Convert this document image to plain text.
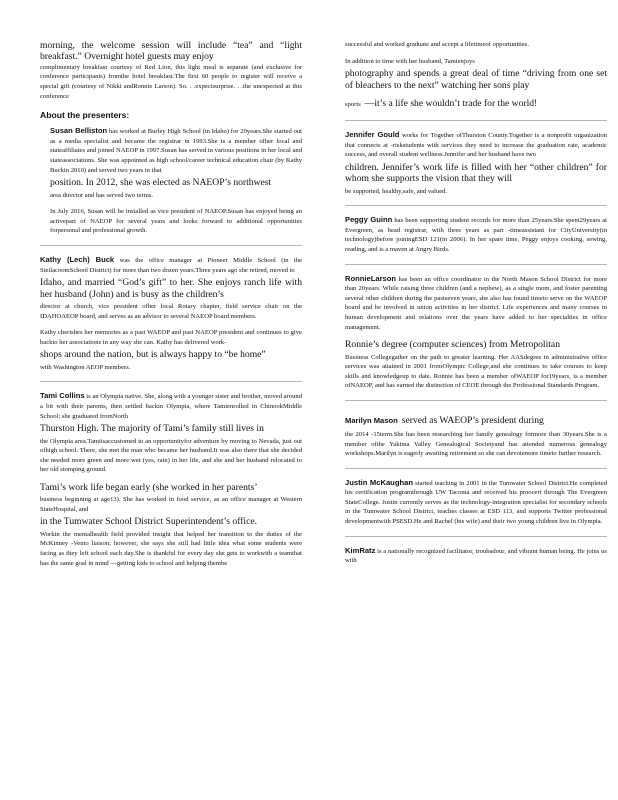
morning, the welcome session will include “tea” and “light breakfast.” Overnight hotel guests may enjoy

complimentary breakfast courtesy of Red Lion, this light meal is separate (and exclusive for conference participants) fromthe hotel breakfast.The first 60 people to register will receive a special gift (courtesy of Nikki andRonnie Larson). So. . .expectsurprise. . .the unexpected at this conference

About the presenters:

Susan Belliston has worked at Burley High School (in Idaho) for 20years.She started out as a media specialist and became the registrar in 1993.She is a member ofher local and stateaffiliates and joined NAEOP in 1997.Susan has served in various positions in her local and stateassociations. She was appointed as high school/career technical education chair (by Kathy Buckin 2010) and served two years in that

position. In 2012, she was elected as NAEOP’s northwest

area director and has served two terms.

In July 2016, Susan will be installed as vice president of NAEOP.Susan has enjoyed being an activepart of NAEOP for several years and looks forward to additional opportunities forpersonal and professional growth.

Kathy (Lech) Buck was the office manager at Pioneer Middle School (in the SteilacoomSchool District) for more than two dozen years.Three years ago she retired, moved to

Idaho, and married “God’s gift” to her. She enjoys ranch life with her husband (John) and is busy as the children’s

director at church, vice president ofher local Rotary chapter, field service chair on the IDAHOAEOP board, and serves as an advisor to several NAEOP board members.

Kathy cherishes her memories as a past WAEOP and past NAEOP president and continues to give backto her associations in any way she can. Kathy has delivered work-

shops around the nation, but is always happy to “be home”

with Washington AEOP members.

Tami Collins is an Olympia native. She, along with a younger sister and brother, moved around a bit with their parents, then settled backin Olympia, where Tamienrolled in ChinookMiddle School; she graduated fromNorth

Thurston High. The majority of Tami’s family still lives in

the Olympia area.Tamiisaccustomed to an opportunityfor adventure by moving to Nevada, just out ofhigh school. There, she met the man who became her husband.It was also there that she decided she needed more green and more wet (yes, rain) in her life, and she and her husband relocated to her old stomping ground.

Tami’s work life began early (she worked in her parents’

business beginning at age13). She has worked in food service, as an office manager at Western StateHospital, and

in the Tumwater School District Superintendent’s office.

Workin the mentalhealth field provided insight that helped her transition to the duties of the McKinney -Vento liaison; however, she says she still had little idea what some students were facing as they left school each day.She is thankful for every day she gets to workwith a teamthat has the same goal in mind —getting kids to school and helping thembe

successful and worked graduate and accept a lifetimeof opportunities.

In addition to time with her husband, Tamienjoys

photography and spends a great deal of time “driving from one set of bleachers to the next” watching her sons play

sports —it’s a life she wouldn’t trade for the world!

Jennifer Gould works for Together ofThurston County.Together is a nonprofit organization that connects at -riskstudents with services they need to increase the graduation rate, academic success, and overall student wellness.Jennifer and her husband have two

children. Jennifer’s work life is filled with her “other children” for whom she supports the vision that they will

be supported, healthy,safe, and valued.

Peggy Guinn has been supporting student records for more than 25years.She spent29years at Evergreen, as head registrar, with three years as part -timeassistant for CityUniversity(in technology)before joiningESD 121(in 2006). In her spare time, Peggy enjoys cooking, sewing, reading, and is a maven at Angry Birds.

RonnieLarson has been an office coordinator in the North Mason School District for more than 20years. While raising three children (and a nephew), as a single mom, and foster parenting several other children during the pastseven years, she also has found timeto serve on the WAEOP board and be involved in union activities in her district. Life experiences and many courses in human development and relations over the years have added to her specialties in office management.

Ronnie’s degree (computer sciences) from Metropolitan

Business Collegegather on the path to greater learning. Her AASdegree in administrative office services was attained in 2001 fromOlympic College,and she continues to take courses to keep skills and knowledgeup to date. Ronnie has been a member ofWAEOP for19years, is a member ofNAEOP, and has earned the distinction of CEOE through the Professional Standards Program.

Marilyn Mason served as WAEOP’s president during

the 2014 -15term.She has been researching her family genealogy formore than 30years.She is a member ofthe Yakima Valley Genealogical Societyand has attended numerous genealogy workshops.Marilyn is eagerly awaiting retirement so she can devotemore timeto further research.

Justin McKaughan started teaching in 2001 in the Tumwater School District.He completed his certification programthrough UW Tacoma and received his proocert through The Evergreen StateCollege. Justin currently serves as the technology-integration specialist for secondary schools in the Tumwater School District, teaches classes at ESD 113, and supports Twitter professional developmentwith PSESD.He and Rachel (his wife) and their two young children live in Olympia.

KimRatz is a nationally recognized facilitator, troubadour, and vibrant human being. He joins us with
